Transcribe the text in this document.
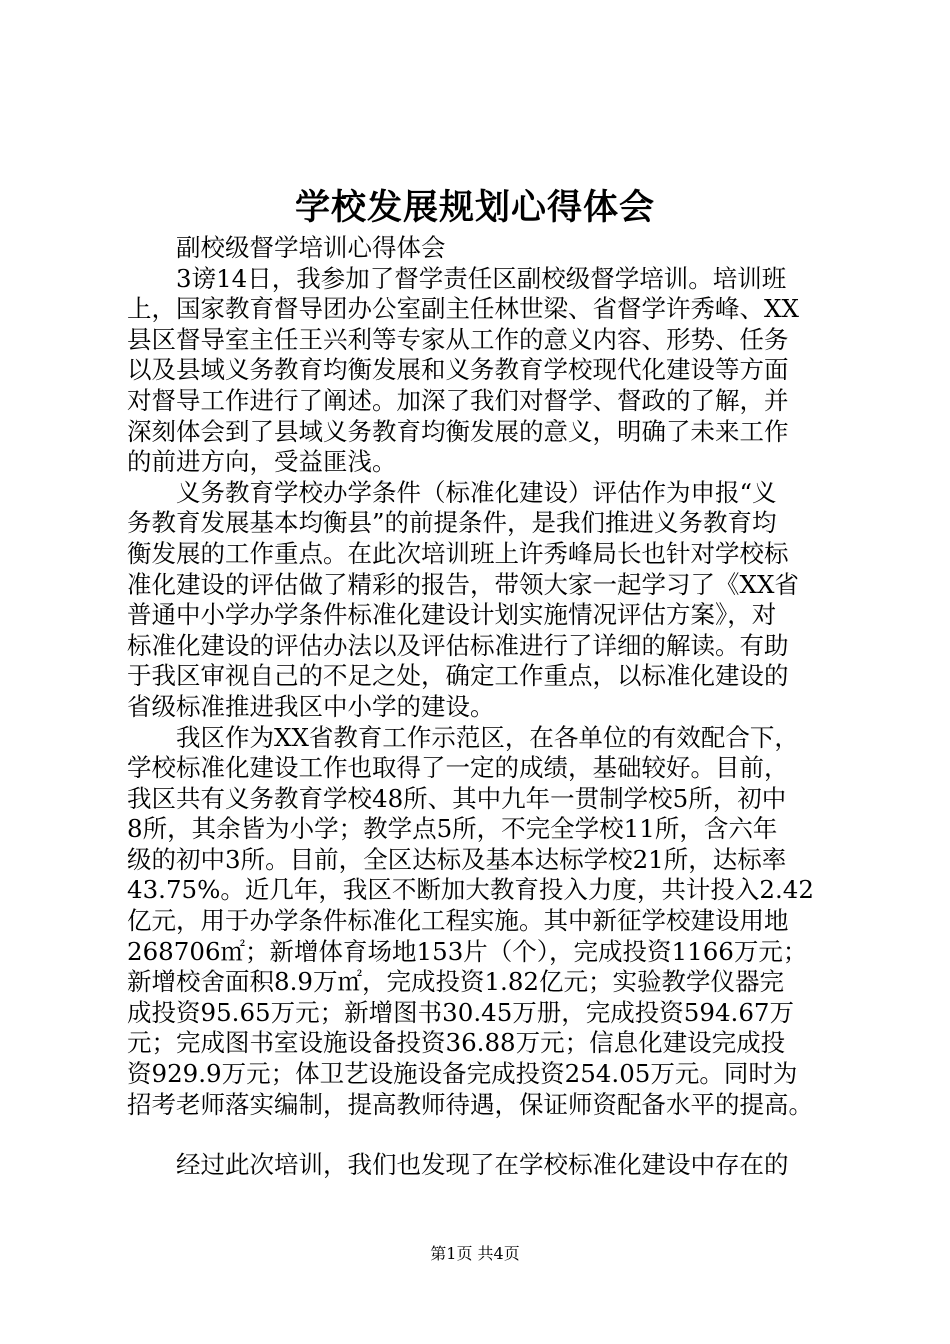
学校发展规划心得体会

副校级督学培训心得体会

3谤14日，我参加了督学责任区副校级督学培训。培训班
上，国家教育督导团办公室副主任林世梁、省督学许秀峰、XX
县区督导室主任王兴利等专家从工作的意义内容、形势、任务
以及县域义务教育均衡发展和义务教育学校现代化建设等方面
对督导工作进行了阐述。加深了我们对督学、督政的了解，并
深刻体会到了县域义务教育均衡发展的意义，明确了未来工作
的前进方向，受益匪浅。

义务教育学校办学条件（标准化建设）评估作为申报“义
务教育发展基本均衡县”的前提条件，是我们推进义务教育均
衡发展的工作重点。在此次培训班上许秀峰局长也针对学校标
准化建设的评估做了精彩的报告，带领大家一起学习了《XX省
普通中小学办学条件标准化建设计划实施情况评估方案》，对
标准化建设的评估办法以及评估标准进行了详细的解读。有助
于我区审视自己的不足之处，确定工作重点，以标准化建设的
省级标准推进我区中小学的建设。

我区作为XX省教育工作示范区，在各单位的有效配合下，
学校标准化建设工作也取得了一定的成绩，基础较好。目前，
我区共有义务教育学校48所、其中九年一贯制学校5所，初中
8所，其余皆为小学；教学点5所，不完全学校11所，含六年
级的初中3所。目前，全区达标及基本达标学校21所，达标率
43.75%。近几年，我区不断加大教育投入力度，共计投入2.42
亿元，用于办学条件标准化工程实施。其中新征学校建设用地
268706㎡；新增体育场地153片（个），完成投资1166万元；
新增校舍面积8.9万㎡，完成投资1.82亿元；实验教学仪器完
成投资95.65万元；新增图书30.45万册，完成投资594.67万
元；完成图书室设施设备投资36.88万元；信息化建设完成投
资929.9万元；体卫艺设施设备完成投资254.05万元。同时为
招考老师落实编制，提高教师待遇，保证师资配备水平的提高。

经过此次培训，我们也发现了在学校标准化建设中存在的

第1页 共4页
